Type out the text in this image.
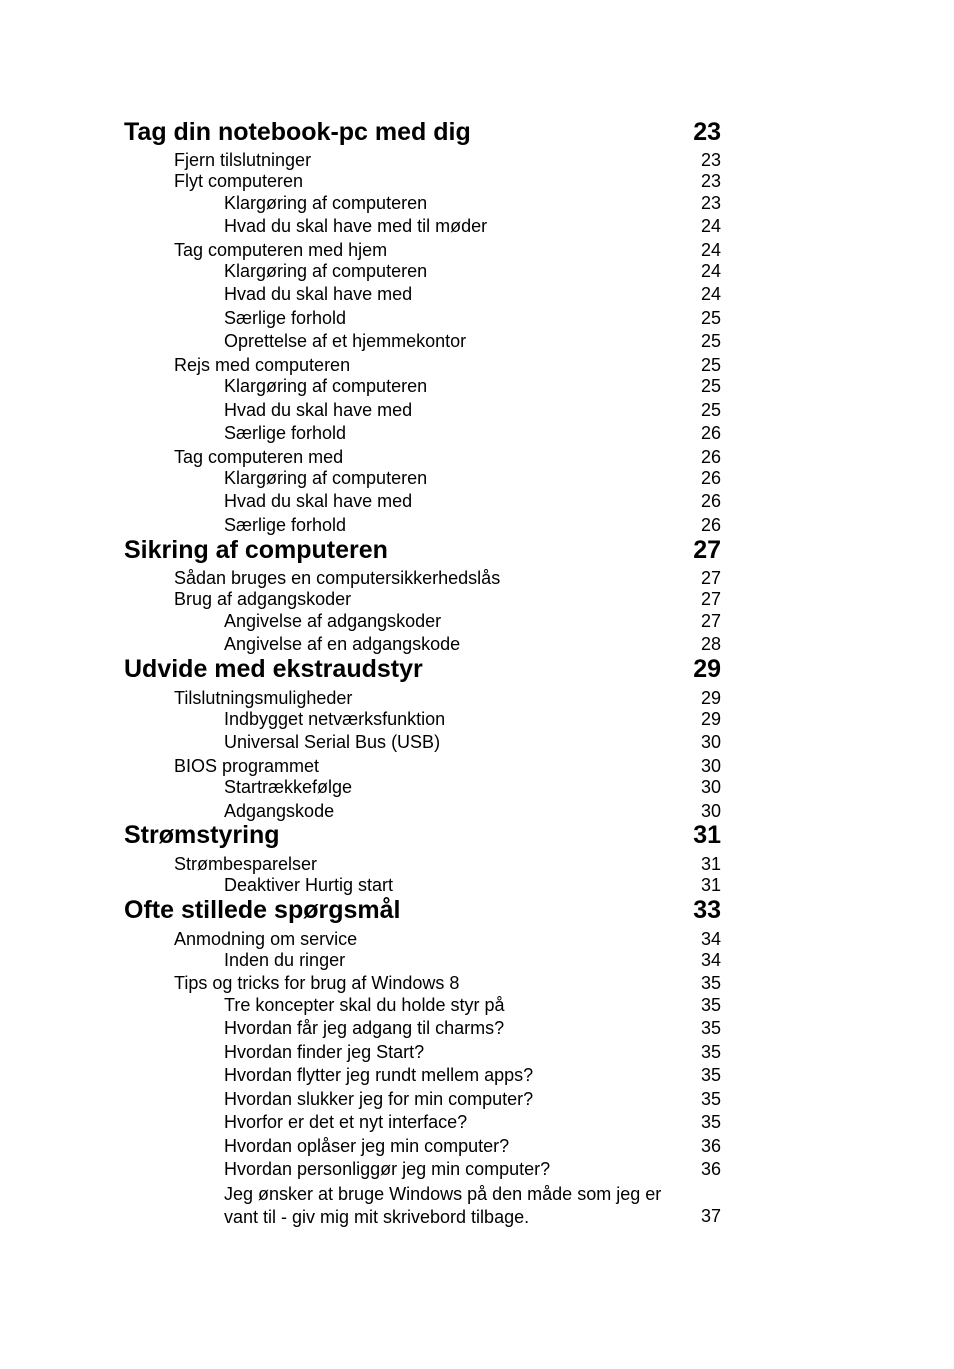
Tag din notebook-pc med dig	23
Fjern tilslutninger	23
Flyt computeren	23
Klargøring af computeren	23
Hvad du skal have med til møder	24
Tag computeren med hjem	24
Klargøring af computeren	24
Hvad du skal have med	24
Særlige forhold	25
Oprettelse af et hjemmekontor	25
Rejs med computeren	25
Klargøring af computeren	25
Hvad du skal have med	25
Særlige forhold	26
Tag computeren med	26
Klargøring af computeren	26
Hvad du skal have med	26
Særlige forhold	26
Sikring af computeren	27
Sådan bruges en computersikkerhedslås	27
Brug af adgangskoder	27
Angivelse af adgangskoder	27
Angivelse af en adgangskode	28
Udvide med ekstraudstyr	29
Tilslutningsmuligheder	29
Indbygget netværksfunktion	29
Universal Serial Bus (USB)	30
BIOS programmet	30
Startrækkefølge	30
Adgangskode	30
Strømstyring	31
Strømbesparelser	31
Deaktiver Hurtig start	31
Ofte stillede spørgsmål	33
Anmodning om service	34
Inden du ringer	34
Tips og tricks for brug af Windows 8	35
Tre koncepter skal du holde styr på	35
Hvordan får jeg adgang til charms?	35
Hvordan finder jeg Start?	35
Hvordan flytter jeg rundt mellem apps?	35
Hvordan slukker jeg for min computer?	35
Hvorfor er det et nyt interface?	35
Hvordan oplåser jeg min computer?	36
Hvordan personliggør jeg min computer?	36
Jeg ønsker at bruge Windows på den måde som jeg er vant til - giv mig mit skrivebord tilbage.	37
